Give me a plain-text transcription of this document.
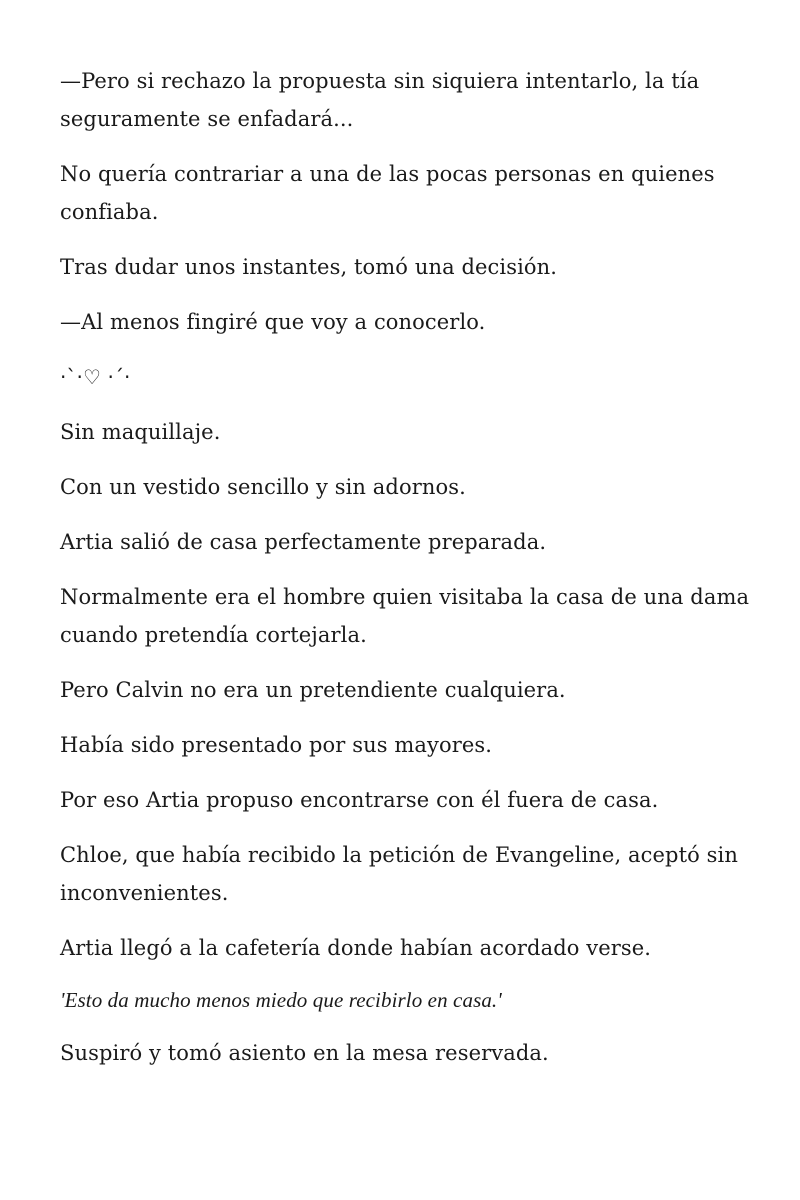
—Pero si rechazo la propuesta sin siquiera intentarlo, la tía seguramente se enfadará...

No quería contrariar a una de las pocas personas en quienes confiaba.

Tras dudar unos instantes, tomó una decisión.

—Al menos fingiré que voy a conocerlo.

‧`‧♡ ‧´‧

Sin maquillaje.

Con un vestido sencillo y sin adornos.

Artia salió de casa perfectamente preparada.

Normalmente era el hombre quien visitaba la casa de una dama cuando pretendía cortejarla.

Pero Calvin no era un pretendiente cualquiera.

Había sido presentado por sus mayores.

Por eso Artia propuso encontrarse con él fuera de casa.

Chloe, que había recibido la petición de Evangeline, aceptó sin inconvenientes.

Artia llegó a la cafetería donde habían acordado verse.

'Esto da mucho menos miedo que recibirlo en casa.'

Suspiró y tomó asiento en la mesa reservada.
